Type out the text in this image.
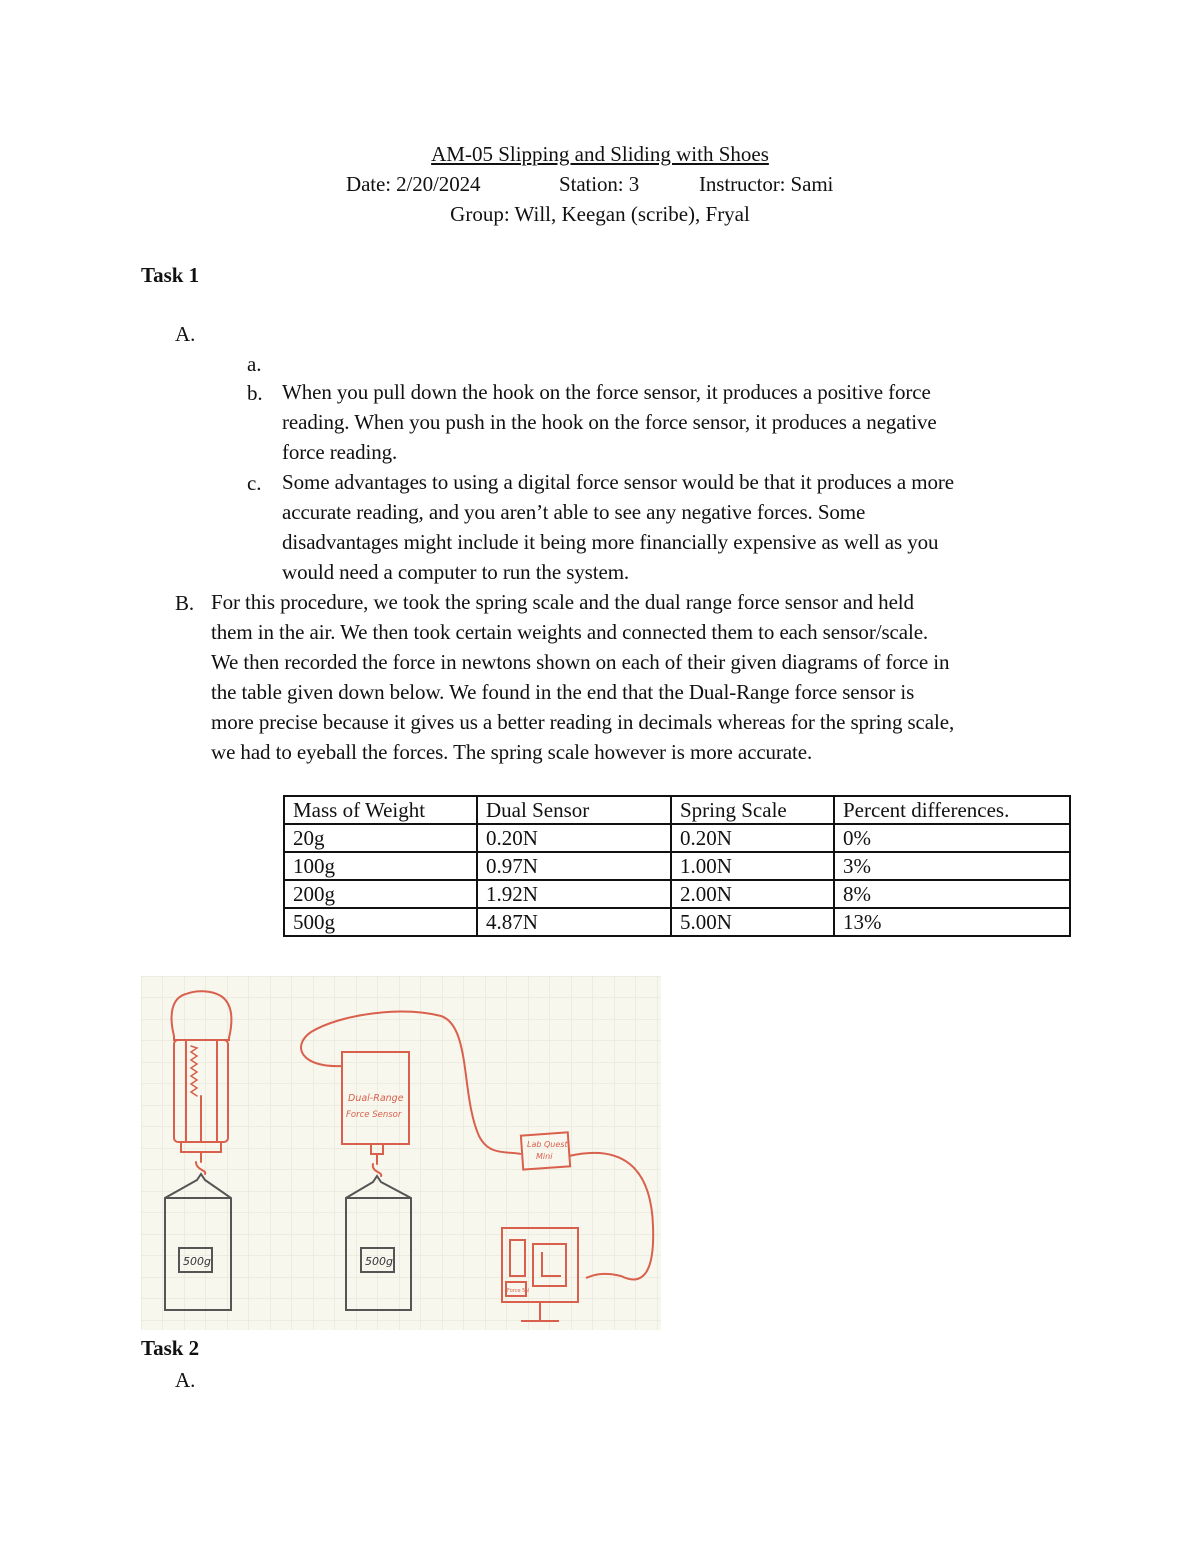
AM-05 Slipping and Sliding with Shoes
Date: 2/20/2024	Station: 3	Instructor: Sami
Group: Will, Keegan (scribe), Fryal
Task 1
A.
a.
b. When you pull down the hook on the force sensor, it produces a positive force
reading. When you push in the hook on the force sensor, it produces a negative
force reading.
c. Some advantages to using a digital force sensor would be that it produces a more
accurate reading, and you aren’t able to see any negative forces. Some
disadvantages might include it being more financially expensive as well as you
would need a computer to run the system.
B. For this procedure, we took the spring scale and the dual range force sensor and held
them in the air. We then took certain weights and connected them to each sensor/scale.
We then recorded the force in newtons shown on each of their given diagrams of force in
the table given down below. We found in the end that the Dual-Range force sensor is
more precise because it gives us a better reading in decimals whereas for the spring scale,
we had to eyeball the forces. The spring scale however is more accurate.
Mass of Weight	Dual Sensor	Spring Scale	Percent differences.
20g	0.20N	0.20N	0%
100g	0.97N	1.00N	3%
200g	1.92N	2.00N	8%
500g	4.87N	5.00N	13%
500g
Dual-Range
Force Sensor
500g
Lab Quest
Mini
Force 5N
Task 2
A.
